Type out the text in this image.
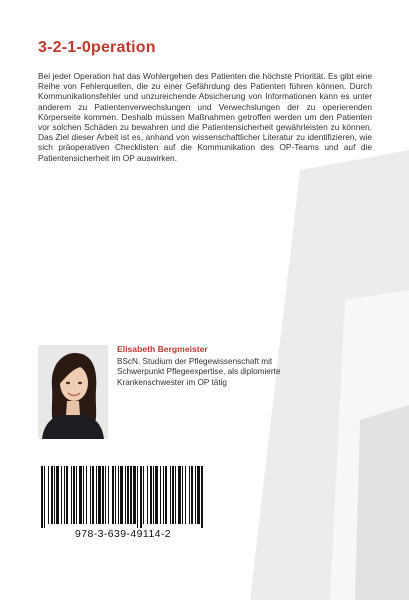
3-2-1-0peration

Bei jeder Operation hat das Wohlergehen des Patienten die höchste Priorität. Es gibt eine Reihe von Fehlerquellen, die zu einer Gefährdung des Patienten führen können. Durch Kommunikationsfehler und unzureichende Absicherung von Informationen kann es unter anderem zu Patientenverwechslungen und Verwechslungen der zu operierenden Körperseite kommen. Deshalb müssen Maßnahmen getroffen werden um den Patienten vor solchen Schäden zu bewahren und die Patientensicherheit gewährleisten zu können. Das Ziel dieser Arbeit ist es, anhand von wissenschaftlicher Literatur zu identifizieren, wie sich präoperativen Checklisten auf die Kommunikation des OP-Teams und auf die Patientensicherheit im OP auswirken.

Elisabeth Bergmeister

BScN. Studium der Pflegewissenschaft mit Schwerpunkt Pflegeexpertise, als diplomierte Krankenschwester im OP tätig

978-3-639-49114-2
